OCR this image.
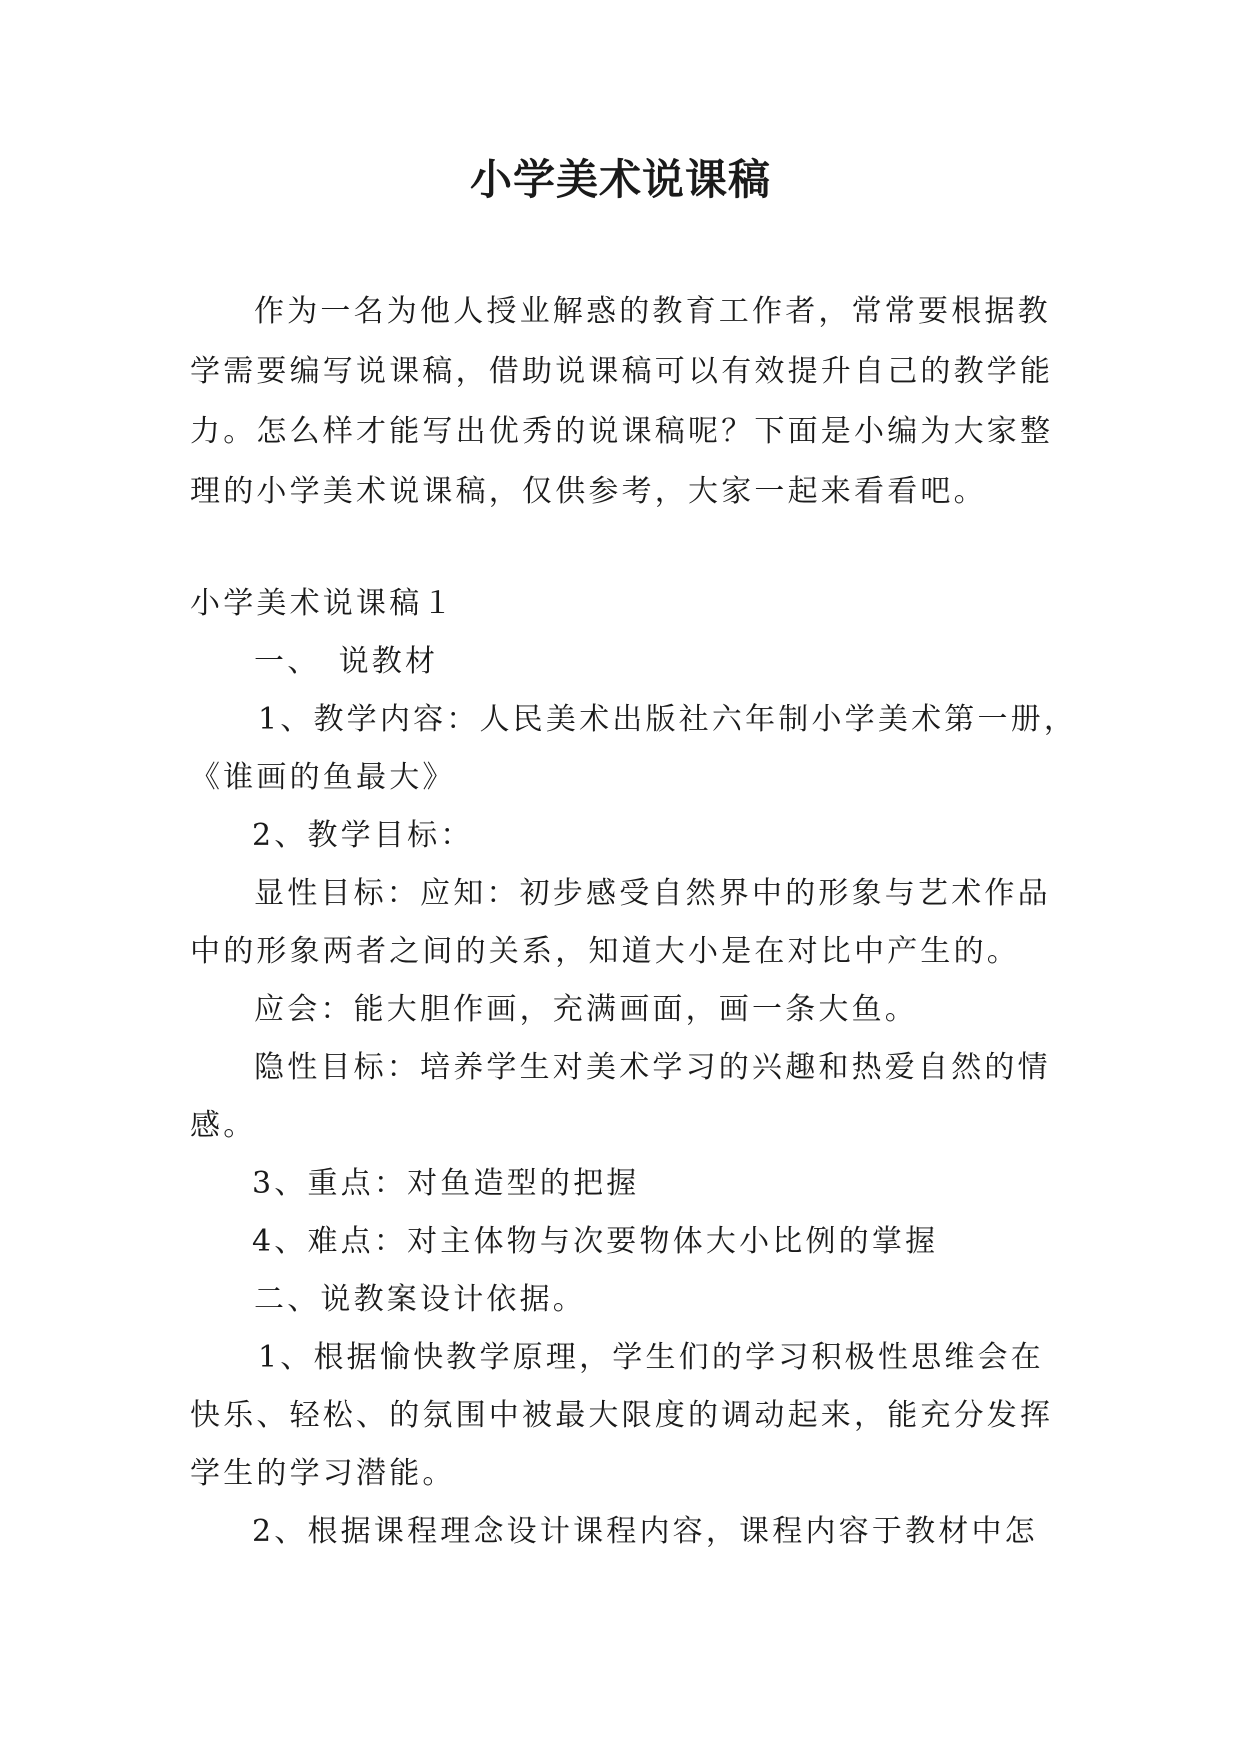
小学美术说课稿
作为一名为他人授业解惑的教育工作者，常常要根据教
学需要编写说课稿，借助说课稿可以有效提升自己的教学能
力。怎么样才能写出优秀的说课稿呢？下面是小编为大家整
理的小学美术说课稿，仅供参考，大家一起来看看吧。
小学美术说课稿１
一、　说教材
1、教学内容：人民美术出版社六年制小学美术第一册，
《谁画的鱼最大》
2、教学目标：
显性目标：应知：初步感受自然界中的形象与艺术作品
中的形象两者之间的关系，知道大小是在对比中产生的。
应会：能大胆作画，充满画面，画一条大鱼。
隐性目标：培养学生对美术学习的兴趣和热爱自然的情
感。
3、重点：对鱼造型的把握
4、难点：对主体物与次要物体大小比例的掌握
二、说教案设计依据。
1、根据愉快教学原理，学生们的学习积极性思维会在
快乐、轻松、的氛围中被最大限度的调动起来，能充分发挥
学生的学习潜能。
2、根据课程理念设计课程内容，课程内容于教材中怎
